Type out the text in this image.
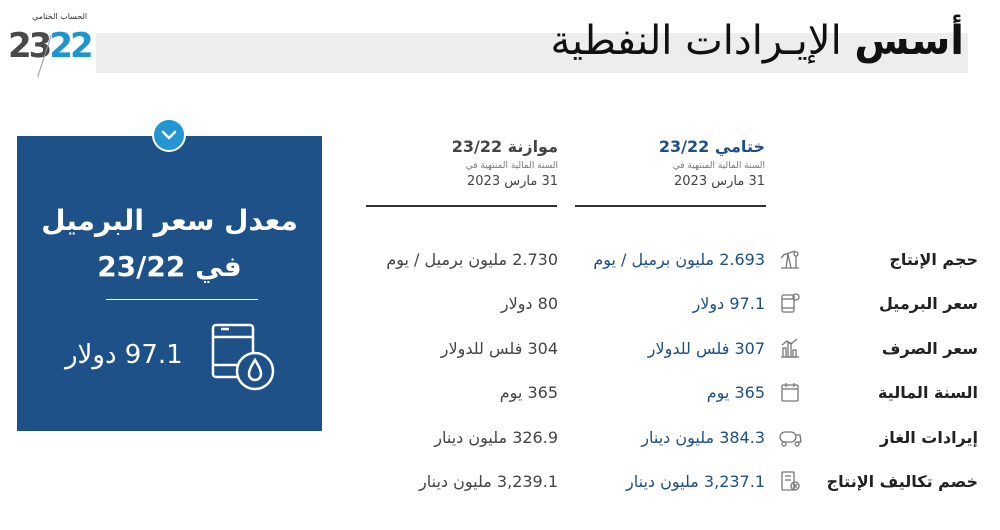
الحساب الختامي
2322	أسس الإيـرادات النفطية
معدل سعر البرميل
في 23/22
97.1 دولار
ختامي 23/22
السنة المالية المنتهية في
31 مارس 2023
موازنة 23/22
السنة المالية المنتهية في
31 مارس 2023
حجم الإنتاج
2.693 مليون برميل / يوم
2.730 مليون برميل / يوم
سعر البرميل
97.1 دولار
80 دولار
سعر الصرف
307 فلس للدولار
304 فلس للدولار
السنة المالية
365 يوم
365 يوم
إيرادات الغاز
384.3 مليون دينار
326.9 مليون دينار
خصم تكاليف الإنتاج
3,237.1 مليون دينار
3,239.1 مليون دينار
